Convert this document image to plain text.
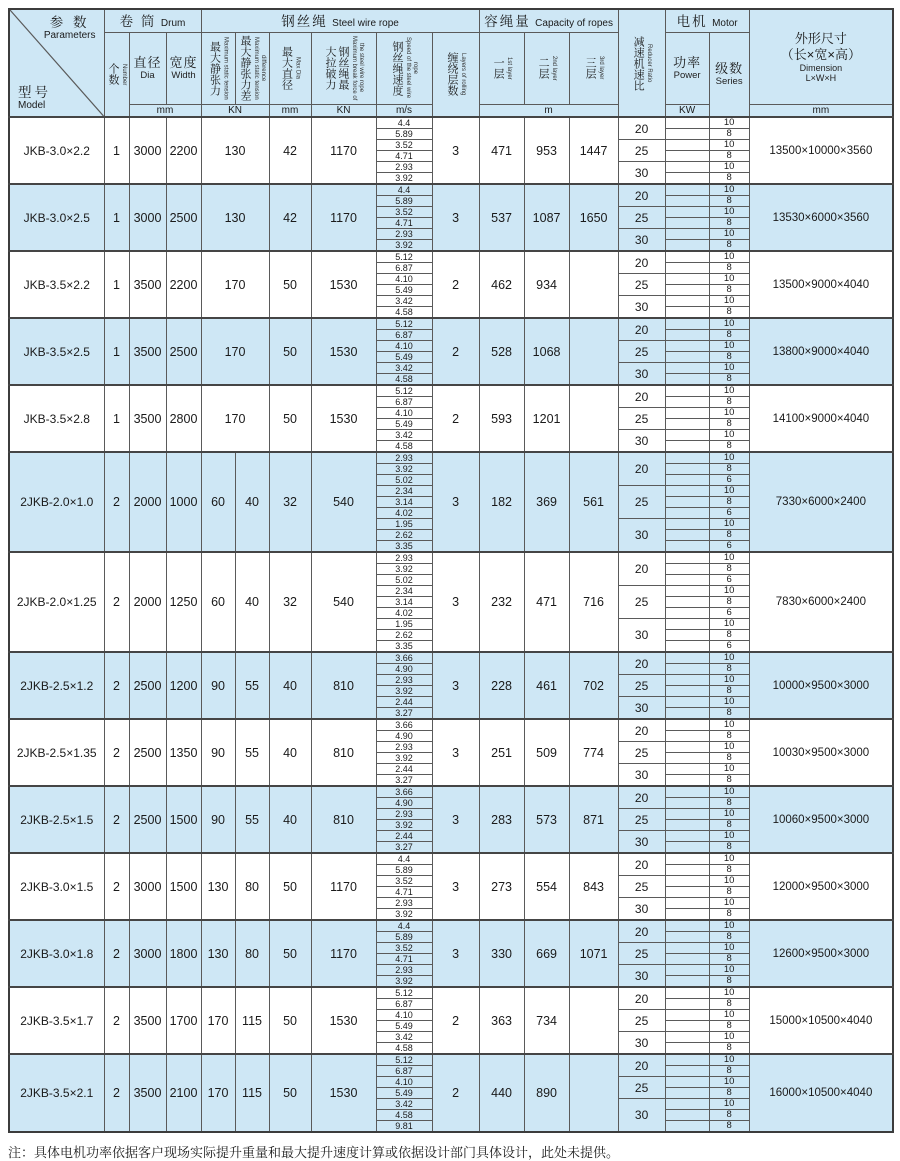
参 数
Parameters
型号
Model
	卷 筒 Drum	钢丝绳 Steel wire rope	容绳量 Capacity of ropes	
减速机速比 Reducer Ratio
	电机 Motor	
外形尺寸
（长×宽×高）
Dimension
L×W×H

个数 Number

直径
Dia

宽度
Width	最大静张力 Maximum static tension	最大静张力差 Maximum static tension difference	最大直径 Max Dia	钢丝绳最大拉破力	Maximum break force of the steel wire rope	钢丝绳速度 Speed of the steel wire rope	缠绕层数 Layers of rolling	一层 1st layer	二层 2nd layer	三层 3rd layer	功率
Power	级数
Series

		mm		KN		mm	KN	m/s		m				KW		mm
JKB-3.0×2.2	1	3000	2200	130		42	1170	4.4	3	471	953	1447	20		10	13500×10000×3560
								5.89							8	
								3.52					25		10	
								4.71							8	
								2.93					30		10	
								3.92							8	
JKB-3.0×2.5	1	3000	2500	130		42	1170	4.4	3	537	1087	1650	20		10	13530×6000×3560
								5.89							8	
								3.52					25		10	
								4.71							8	
								2.93					30		10	
								3.92							8	
JKB-3.5×2.2	1	3500	2200	170		50	1530	5.12	2	462	934		20		10	13500×9000×4040
								6.87							8	
								4.10					25		10	
								5.49							8	
								3.42					30		10	
								4.58							8	
JKB-3.5×2.5	1	3500	2500	170		50	1530	5.12	2	528	1068		20		10	13800×9000×4040
								6.87							8	
								4.10					25		10	
								5.49							8	
								3.42					30		10	
								4.58							8	
JKB-3.5×2.8	1	3500	2800	170		50	1530	5.12	2	593	1201		20		10	14100×9000×4040
								6.87							8	
								4.10					25		10	
								5.49							8	
								3.42					30		10	
								4.58							8	
2JKB-2.0×1.0	2	2000	1000	60	40	32	540	2.93	3	182	369	561	20		10	7330×6000×2400
								3.92							8	
								5.02							6	
								2.34					25		10	
								3.14							8	
								4.02							6	
								1.95					30		10	
								2.62							8	
								3.35							6	
2JKB-2.0×1.25	2	2000	1250	60	40	32	540	2.93	3	232	471	716	20		10	7830×6000×2400
								3.92							8	
								5.02							6	
								2.34					25		10	
								3.14							8	
								4.02							6	
								1.95					30		10	
								2.62							8	
								3.35							6	
2JKB-2.5×1.2	2	2500	1200	90	55	40	810	3.66	3	228	461	702	20		10	10000×9500×3000
								4.90							8	
								2.93					25		10	
								3.92							8	
								2.44					30		10	
								3.27							8	
2JKB-2.5×1.35	2	2500	1350	90	55	40	810	3.66	3	251	509	774	20		10	10030×9500×3000
								4.90							8	
								2.93					25		10	
								3.92							8	
								2.44					30		10	
								3.27							8	
2JKB-2.5×1.5	2	2500	1500	90	55	40	810	3.66	3	283	573	871	20		10	10060×9500×3000
								4.90							8	
								2.93					25		10	
								3.92							8	
								2.44					30		10	
								3.27							8	
2JKB-3.0×1.5	2	3000	1500	130	80	50	1170	4.4	3	273	554	843	20		10	12000×9500×3000
								5.89							8	
								3.52					25		10	
								4.71							8	
								2.93					30		10	
								3.92							8	
2JKB-3.0×1.8	2	3000	1800	130	80	50	1170	4.4	3	330	669	1071	20		10	12600×9500×3000
								5.89							8	
								3.52					25		10	
								4.71							8	
								2.93					30		10	
								3.92							8	
2JKB-3.5×1.7	2	3500	1700	170	115	50	1530	5.12	2	363	734		20		10	15000×10500×4040
								6.87							8	
								4.10					25		10	
								5.49							8	
								3.42					30		10	
								4.58							8	
2JKB-3.5×2.1	2	3500	2100	170	115	50	1530	5.12	2	440	890		20		10	16000×10500×4040
								6.87							8	
								4.10					25		10	
								5.49							8	
								3.42					30		10	
								4.58							8	
								9.81							8	
注：具体电机功率依据客户现场实际提升重量和最大提升速度计算或依据设计部门具体设计，此处未提供。
